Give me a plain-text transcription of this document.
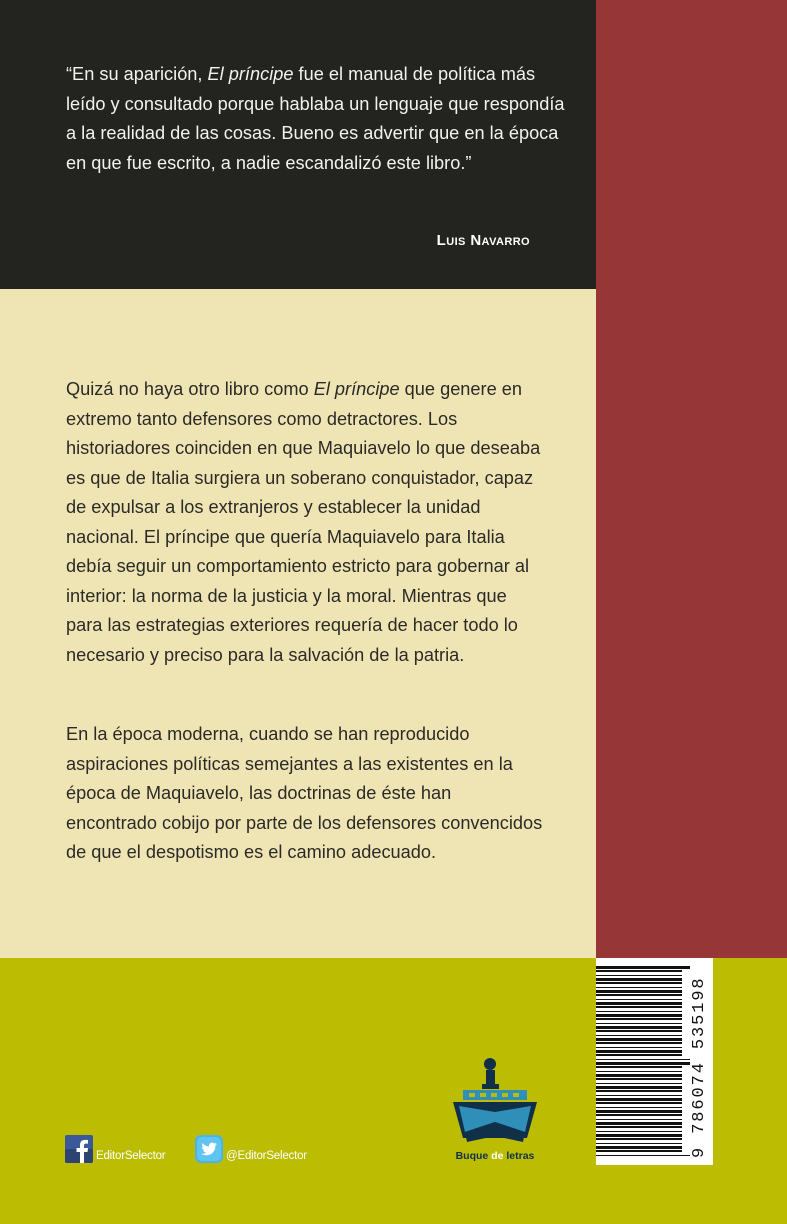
“En su aparición, El príncipe fue el manual de política más leído y consultado porque hablaba un lenguaje que respondía a la realidad de las cosas. Bueno es advertir que en la época en que fue escrito, a nadie escandalizó este libro.”

Luis Navarro

Quizá no haya otro libro como El príncipe que genere en extremo tanto defensores como detractores. Los historiadores coinciden en que Maquiavelo lo que deseaba es que de Italia surgiera un soberano conquistador, capaz de expulsar a los extranjeros y establecer la unidad nacional. El príncipe que quería Maquiavelo para Italia debía seguir un comportamiento estricto para gobernar al interior: la norma de la justicia y la moral. Mientras que para las estrategias exteriores requería de hacer todo lo necesario y preciso para la salvación de la patria.

En la época moderna, cuando se han reproducido aspiraciones políticas semejantes a las existentes en la época de Maquiavelo, las doctrinas de éste han encontrado cobijo por parte de los defensores convencidos de que el despotismo es el camino adecuado.

9 786074 535198
Buque de letras
EditorSelector	@EditorSelector
